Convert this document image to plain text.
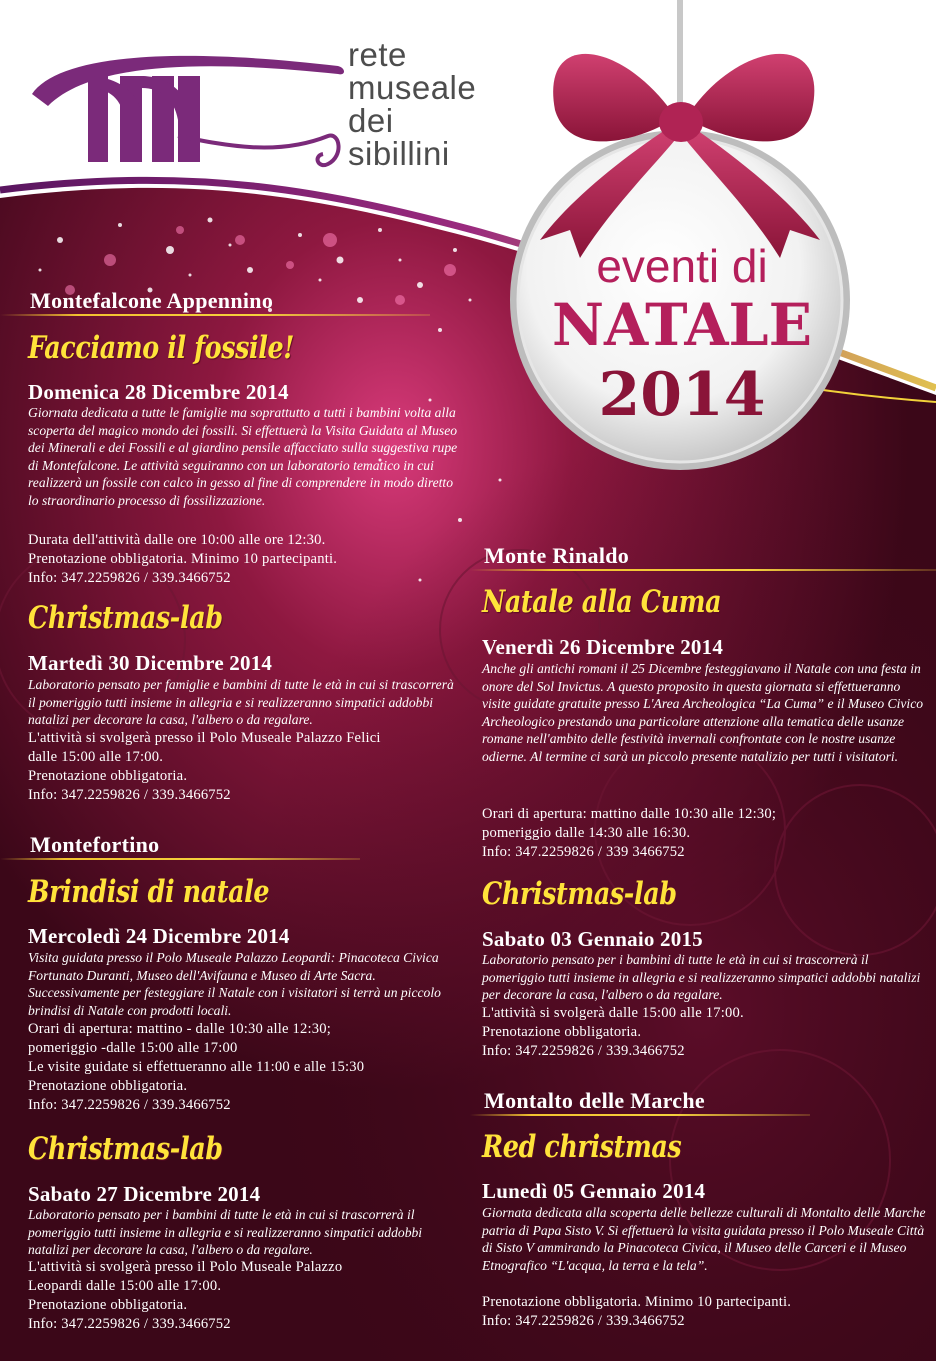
rete
museale
dei
sibillini
eventi di
NATALE
2014
Montefalcone Appennino
Facciamo il fossile!
Domenica 28 Dicembre 2014
Giornata dedicata a tutte le famiglie ma soprattutto a tutti i bambini volta alla scoperta del magico mondo dei fossili. Si effettuerà la Visita Guidata al Museo dei Minerali e dei Fossili e al giardino pensile affacciato sulla suggestiva rupe di Montefalcone. Le attività seguiranno con un laboratorio tematico in cui realizzerà un fossile con calco in gesso al fine di comprendere in modo diretto lo straordinario processo di fossilizzazione.
Durata dell'attività dalle ore 10:00 alle ore 12:30.
Prenotazione obbligatoria. Minimo 10 partecipanti.
Info: 347.2259826 / 339.3466752
Christmas-lab
Martedì 30 Dicembre 2014
Laboratorio pensato per famiglie e bambini di tutte le età in cui si trascorrerà il pomeriggio tutti insieme in allegria e si realizzeranno simpatici addobbi natalizi per decorare la casa, l'albero o da regalare.
L'attività si svolgerà presso il Polo Museale Palazzo Felici
dalle 15:00 alle 17:00.
Prenotazione obbligatoria.
Info: 347.2259826 / 339.3466752
Montefortino
Brindisi di natale
Mercoledì 24 Dicembre 2014
Visita guidata presso il Polo Museale Palazzo Leopardi: Pinacoteca Civica Fortunato Duranti, Museo dell'Avifauna e Museo di Arte Sacra. Successivamente per festeggiare il Natale con i visitatori si terrà un piccolo brindisi di Natale con prodotti locali.
Orari di apertura: mattino - dalle 10:30 alle 12:30;
pomeriggio -dalle 15:00 alle 17:00
Le visite guidate si effettueranno alle 11:00 e alle 15:30
Prenotazione obbligatoria.
Info: 347.2259826 / 339.3466752
Christmas-lab
Sabato 27 Dicembre 2014
Laboratorio pensato per i bambini di tutte le età in cui si trascorrerà il pomeriggio tutti insieme in allegria e si realizzeranno simpatici addobbi natalizi per decorare la casa, l'albero o da regalare.
L'attività si svolgerà presso il Polo Museale Palazzo
Leopardi dalle 15:00 alle 17:00.
Prenotazione obbligatoria.
Info: 347.2259826 / 339.3466752
Monte Rinaldo
Natale alla Cuma
Venerdì 26 Dicembre 2014
Anche gli antichi romani il 25 Dicembre festeggiavano il Natale con una festa in onore del Sol Invictus. A questo proposito in questa giornata si effettueranno visite guidate gratuite presso L'Area Archeologica “La Cuma” e il Museo Civico Archeologico prestando una particolare attenzione alla tematica delle usanze romane nell'ambito delle festività invernali confrontate con le nostre usanze odierne. Al termine ci sarà un piccolo presente natalizio per tutti i visitatori.
Orari di apertura: mattino dalle 10:30 alle 12:30;
pomeriggio dalle 14:30 alle 16:30.
Info: 347.2259826 / 339 3466752
Christmas-lab
Sabato 03 Gennaio 2015
Laboratorio pensato per i bambini di tutte le età in cui si trascorrerà il pomeriggio tutti insieme in allegria e si realizzeranno simpatici addobbi natalizi per decorare la casa, l'albero o da regalare.
L'attività si svolgerà dalle 15:00 alle 17:00.
Prenotazione obbligatoria.
Info: 347.2259826 / 339.3466752
Montalto delle Marche
Red christmas
Lunedì 05 Gennaio 2014
Giornata dedicata alla scoperta delle bellezze culturali di Montalto delle Marche patria di Papa Sisto V. Si effettuerà la visita guidata presso il Polo Museale Città di Sisto V ammirando la Pinacoteca Civica, il Museo delle Carceri e il Museo Etnografico “L'acqua, la terra e la tela”.
Prenotazione obbligatoria. Minimo 10 partecipanti.
Info: 347.2259826 / 339.3466752
